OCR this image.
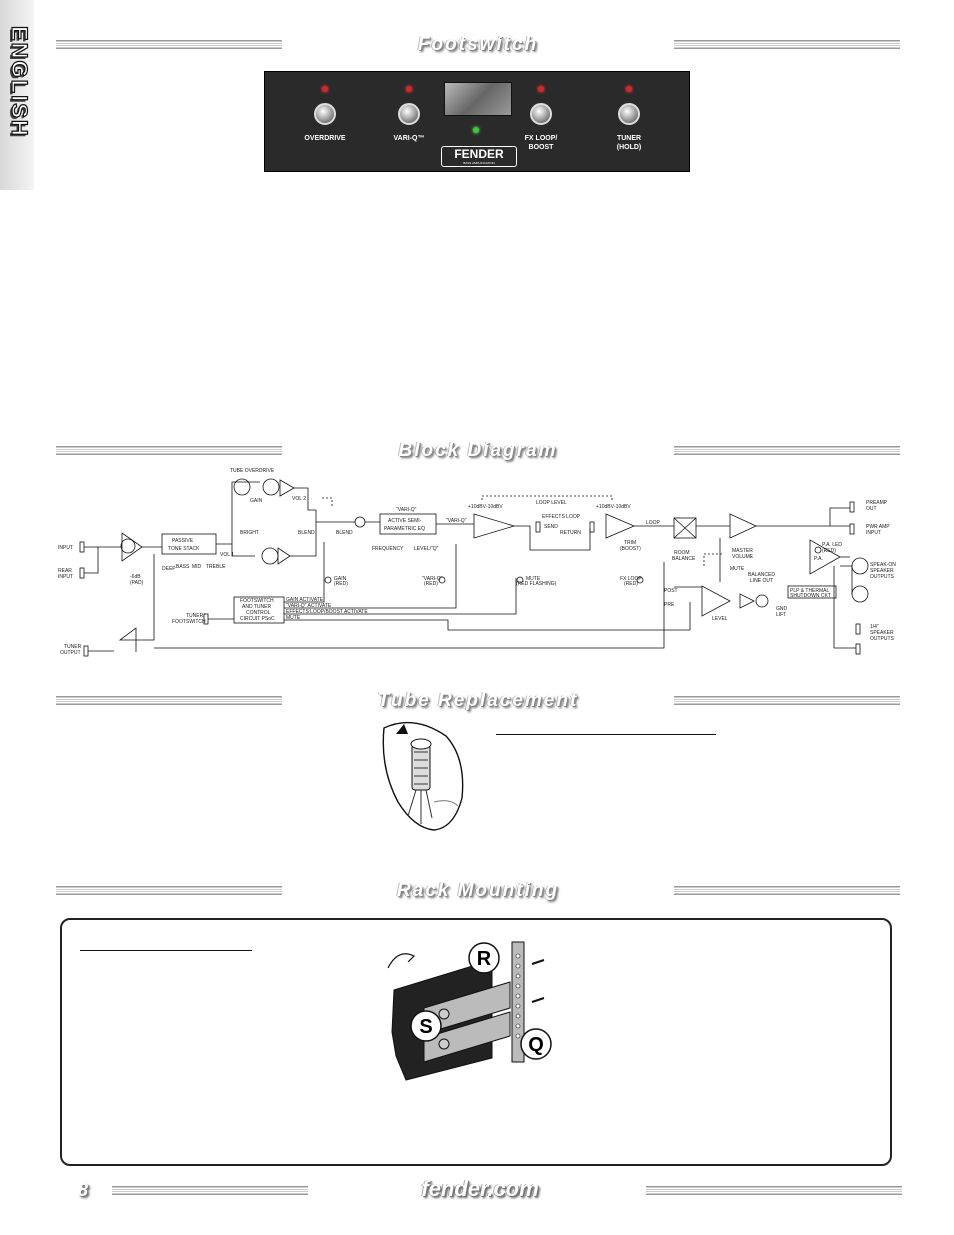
ENGLISH	Footswitch
OVERDRIVE	VARI-Q™	FX LOOP/
BOOST
TUNER
(HOLD)
FENDER
BASS AMPLIFICATION
Block Diagram
TUBE OVERDRIVE
GAIN	VOL 2
BRIGHT	BLEND	BLEND
"VARI-Q"
ACTIVE SEMI-
PARAMETRIC EQ
FREQUENCY LEVEL/"Q"
"VARI-Q"
LOOP LEVEL
+10dBV -10dBV	+10dBV -10dBV
EFFECTS LOOP
SEND
RETURN
TRIM
(BOOST)
LOOP
ROOM
BALANCE
MASTER
VOLUME
BALANCED
LINE OUT
GND
LIFT
LEVEL
POST
PRE
MUTE
PREAMP
OUT
PWR AMP
INPUT
P.A.
P.A. LED
(RED)
PLP & THERMAL
SHUTDOWN CKT
SPEAK-ON
SPEAKER
OUTPUTS
1/4"
SPEAKER
OUTPUTS
INPUT
REAR
INPUT	-6dB
(PAD)
PASSIVE
TONE STACK
VOL 1
DEEP BASS MID TREBLE
GAIN
(RED)
"VARI-Q"
(RED)
MUTE
(RED FLASHING)
FX LOOP
(RED)
FOOTSWITCH
AND TUNER
CONTROL
CIRCUIT PSoC
GAIN ACTIVATE
"VARI-Q" ACTIVATE
EFFECTS LOOP/BOOST ACTIVATE
MUTE
TUNER/
FOOTSWITCH
TUNER
OUTPUT
Tube Replacement
Rack Mounting
R
S
Q
8	fender.com
